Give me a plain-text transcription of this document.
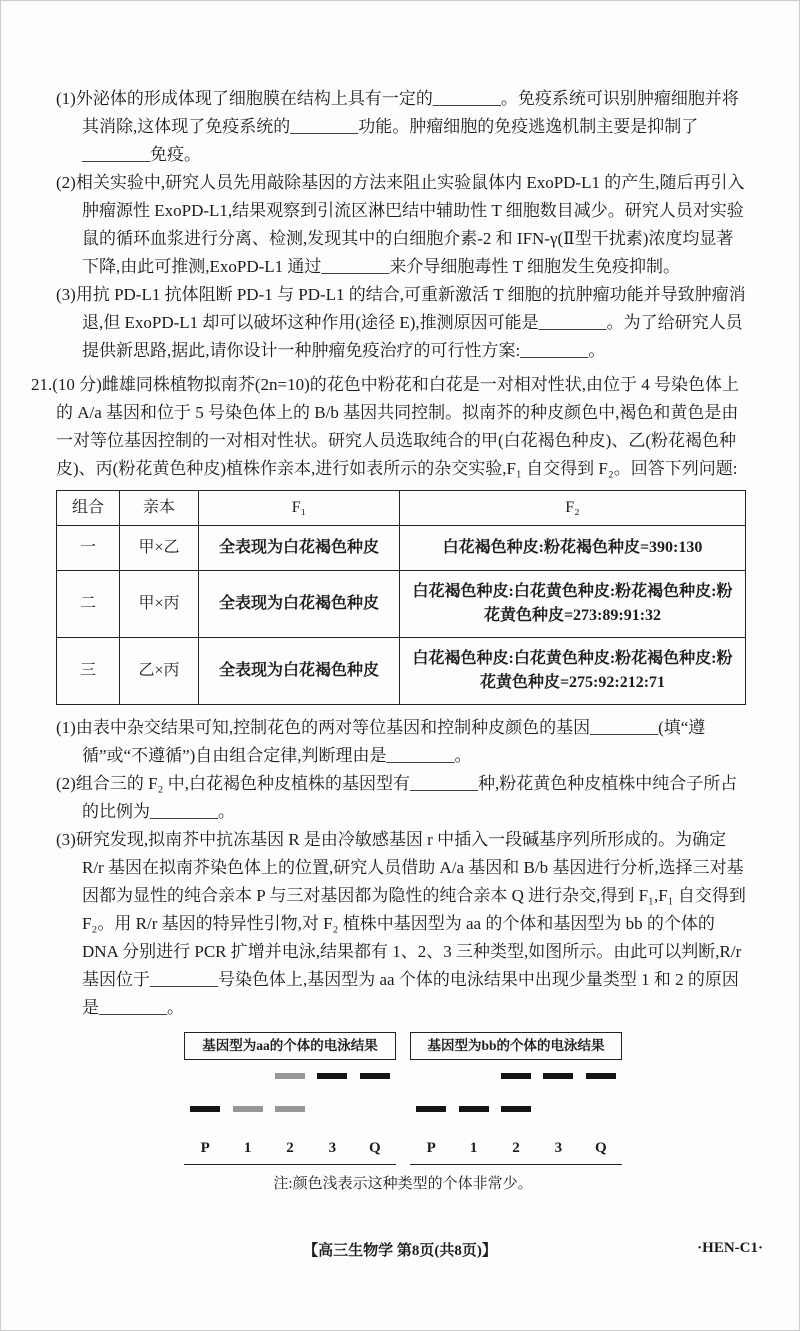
(1)外泌体的形成体现了细胞膜在结构上具有一定的________。免疫系统可识别肿瘤细胞并将其消除,这体现了免疫系统的________功能。肿瘤细胞的免疫逃逸机制主要是抑制了________免疫。

(2)相关实验中,研究人员先用敲除基因的方法来阻止实验鼠体内 ExoPD-L1 的产生,随后再引入肿瘤源性 ExoPD-L1,结果观察到引流区淋巴结中辅助性 T 细胞数目减少。研究人员对实验鼠的循环血浆进行分离、检测,发现其中的白细胞介素-2 和 IFN-γ(Ⅱ型干扰素)浓度均显著下降,由此可推测,ExoPD-L1 通过________来介导细胞毒性 T 细胞发生免疫抑制。

(3)用抗 PD-L1 抗体阻断 PD-1 与 PD-L1 的结合,可重新激活 T 细胞的抗肿瘤功能并导致肿瘤消退,但 ExoPD-L1 却可以破坏这种作用(途径 E),推测原因可能是________。为了给研究人员提供新思路,据此,请你设计一种肿瘤免疫治疗的可行性方案:________。

21.(10 分)雌雄同株植物拟南芥(2n=10)的花色中粉花和白花是一对相对性状,由位于 4 号染色体上的 A/a 基因和位于 5 号染色体上的 B/b 基因共同控制。拟南芥的种皮颜色中,褐色和黄色是由一对等位基因控制的一对相对性状。研究人员选取纯合的甲(白花褐色种皮)、乙(粉花褐色种皮)、丙(粉花黄色种皮)植株作亲本,进行如表所示的杂交实验,F₁ 自交得到 F₂。回答下列问题:

组合	亲本	F₁	F₂
一	甲×乙	全表现为白花褐色种皮	白花褐色种皮:粉花褐色种皮=390:130
二	甲×丙	全表现为白花褐色种皮	白花褐色种皮:白花黄色种皮:粉花褐色种皮:粉花黄色种皮=273:89:91:32
三	乙×丙	全表现为白花褐色种皮	白花褐色种皮:白花黄色种皮:粉花褐色种皮:粉花黄色种皮=275:92:212:71

(1)由表中杂交结果可知,控制花色的两对等位基因和控制种皮颜色的基因________(填“遵循”或“不遵循”)自由组合定律,判断理由是________。

(2)组合三的 F₂ 中,白花褐色种皮植株的基因型有________种,粉花黄色种皮植株中纯合子所占的比例为________。

(3)研究发现,拟南芥中抗冻基因 R 是由冷敏感基因 r 中插入一段碱基序列所形成的。为确定 R/r 基因在拟南芥染色体上的位置,研究人员借助 A/a 基因和 B/b 基因进行分析,选择三对基因都为显性的纯合亲本 P 与三对基因都为隐性的纯合亲本 Q 进行杂交,得到 F₁,F₁ 自交得到 F₂。用 R/r 基因的特异性引物,对 F₂ 植株中基因型为 aa 的个体和基因型为 bb 的个体的 DNA 分别进行 PCR 扩增并电泳,结果都有 1、2、3 三种类型,如图所示。由此可以判断,R/r 基因位于________号染色体上,基因型为 aa 个体的电泳结果中出现少量类型 1 和 2 的原因是________。

基因型为aa的个体的电泳结果
P	1	2	3	Q
基因型为bb的个体的电泳结果
P	1	2	3	Q
注:颜色浅表示这种类型的个体非常少。
【高三生物学 第8页(共8页)】	·HEN-C1·
